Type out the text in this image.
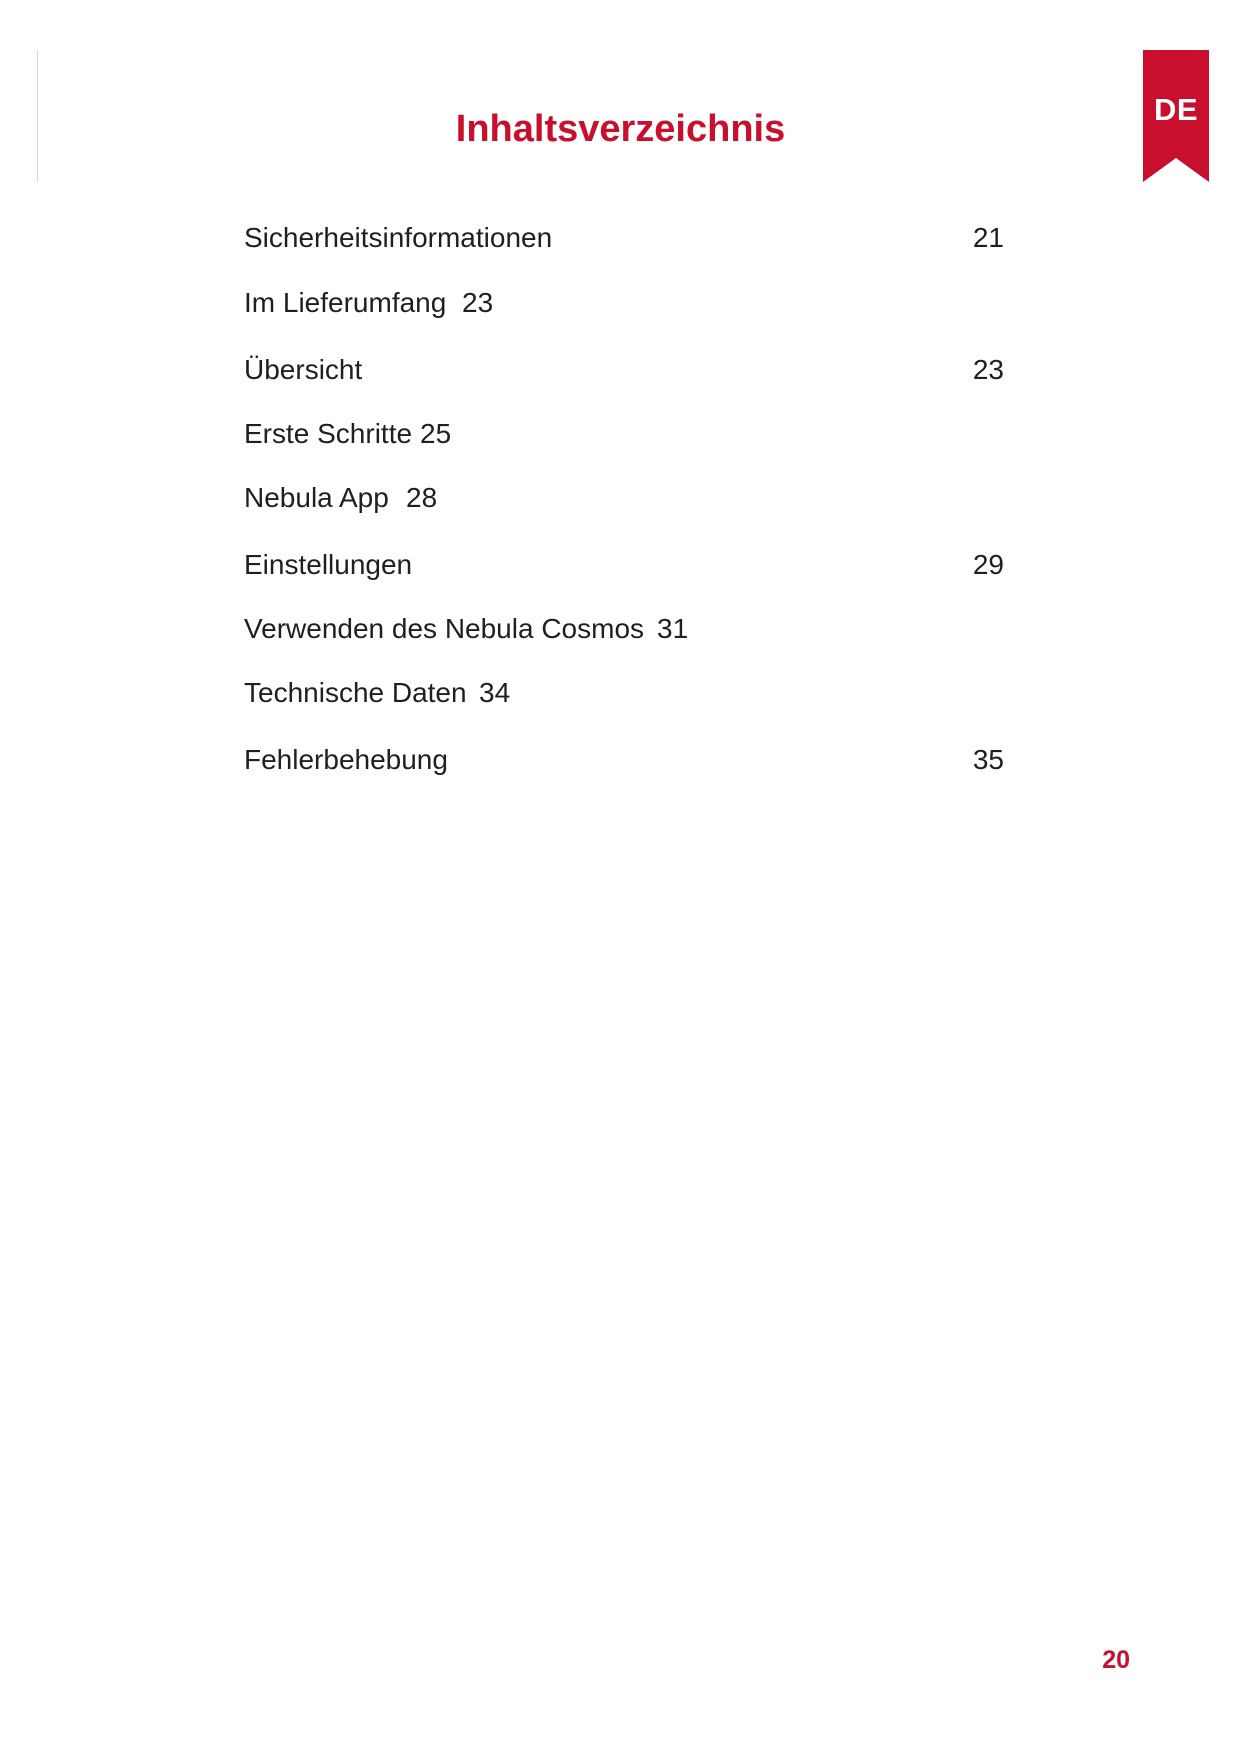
DE
Inhaltsverzeichnis
Sicherheitsinformationen	21
Im Lieferumfang 23
Übersicht	23
Erste Schritte 25
Nebula App 28
Einstellungen	29
Verwenden des Nebula Cosmos 31
Technische Daten 34
Fehlerbehebung	35
20
